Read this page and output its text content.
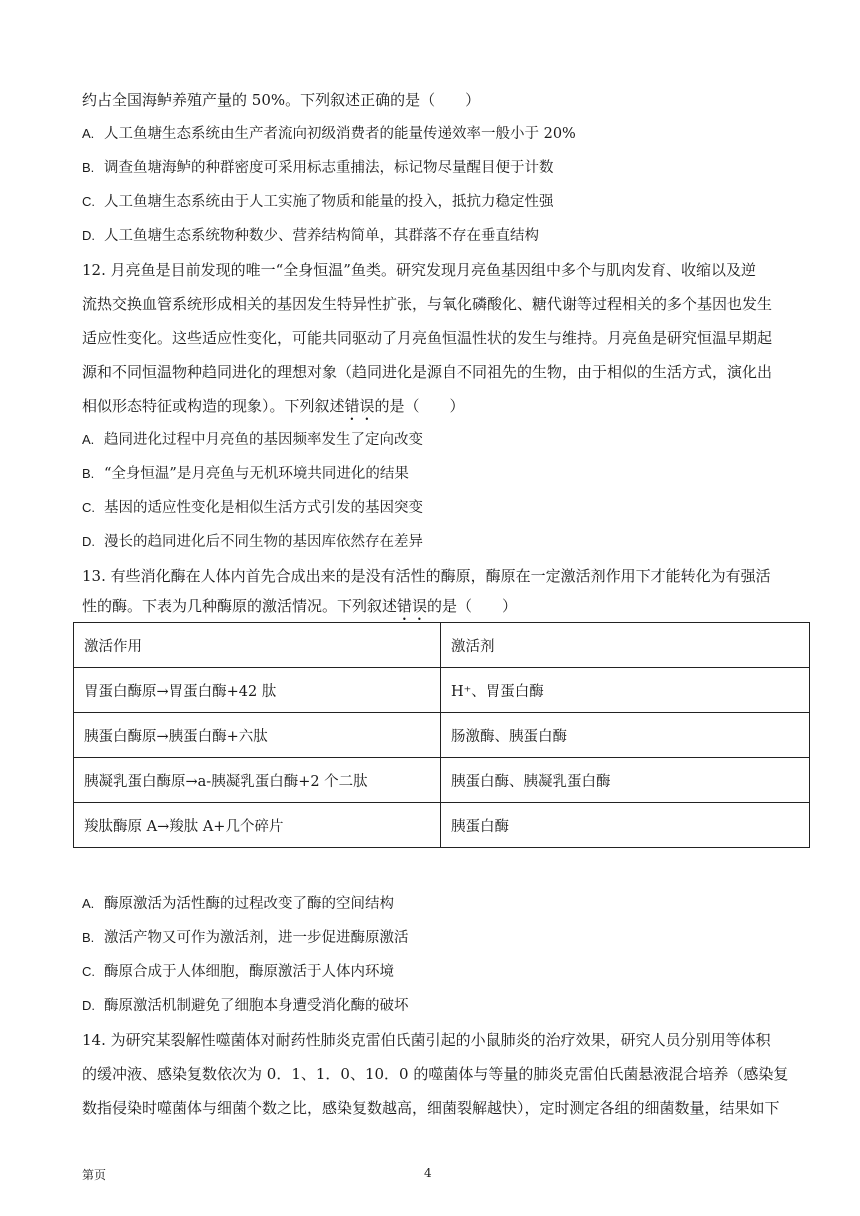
约占全国海鲈养殖产量的 50%。下列叙述正确的是（　　）
A. 人工鱼塘生态系统由生产者流向初级消费者的能量传递效率一般小于 20%
B. 调查鱼塘海鲈的种群密度可采用标志重捕法，标记物尽量醒目便于计数
C. 人工鱼塘生态系统由于人工实施了物质和能量的投入，抵抗力稳定性强
D. 人工鱼塘生态系统物种数少、营养结构简单，其群落不存在垂直结构
12. 月亮鱼是目前发现的唯一“全身恒温”鱼类。研究发现月亮鱼基因组中多个与肌肉发育、收缩以及逆
流热交换血管系统形成相关的基因发生特异性扩张，与氧化磷酸化、糖代谢等过程相关的多个基因也发生
适应性变化。这些适应性变化，可能共同驱动了月亮鱼恒温性状的发生与维持。月亮鱼是研究恒温早期起
源和不同恒温物种趋同进化的理想对象（趋同进化是源自不同祖先的生物，由于相似的生活方式，演化出
相似形态特征或构造的现象）。下列叙述错误的是（　　）
A. 趋同进化过程中月亮鱼的基因频率发生了定向改变
B. “全身恒温”是月亮鱼与无机环境共同进化的结果
C. 基因的适应性变化是相似生活方式引发的基因突变
D. 漫长的趋同进化后不同生物的基因库依然存在差异
13. 有些消化酶在人体内首先合成出来的是没有活性的酶原，酶原在一定激活剂作用下才能转化为有强活
性的酶。下表为几种酶原的激活情况。下列叙述错误的是（　　）
激活作用	激活剂
胃蛋白酶原→胃蛋白酶+42 肽	H⁺、胃蛋白酶
胰蛋白酶原→胰蛋白酶+六肽	肠激酶、胰蛋白酶
胰凝乳蛋白酶原→a-胰凝乳蛋白酶+2 个二肽	胰蛋白酶、胰凝乳蛋白酶
羧肽酶原 A→羧肽 A+几个碎片	胰蛋白酶
A. 酶原激活为活性酶的过程改变了酶的空间结构
B. 激活产物又可作为激活剂，进一步促进酶原激活
C. 酶原合成于人体细胞，酶原激活于人体内环境
D. 酶原激活机制避免了细胞本身遭受消化酶的破坏
14. 为研究某裂解性噬菌体对耐药性肺炎克雷伯氏菌引起的小鼠肺炎的治疗效果，研究人员分别用等体积
的缓冲液、感染复数依次为 0．1、1．0、10．0 的噬菌体与等量的肺炎克雷伯氏菌悬液混合培养（感染复
数指侵染时噬菌体与细菌个数之比，感染复数越高，细菌裂解越快），定时测定各组的细菌数量，结果如下
第页	4
